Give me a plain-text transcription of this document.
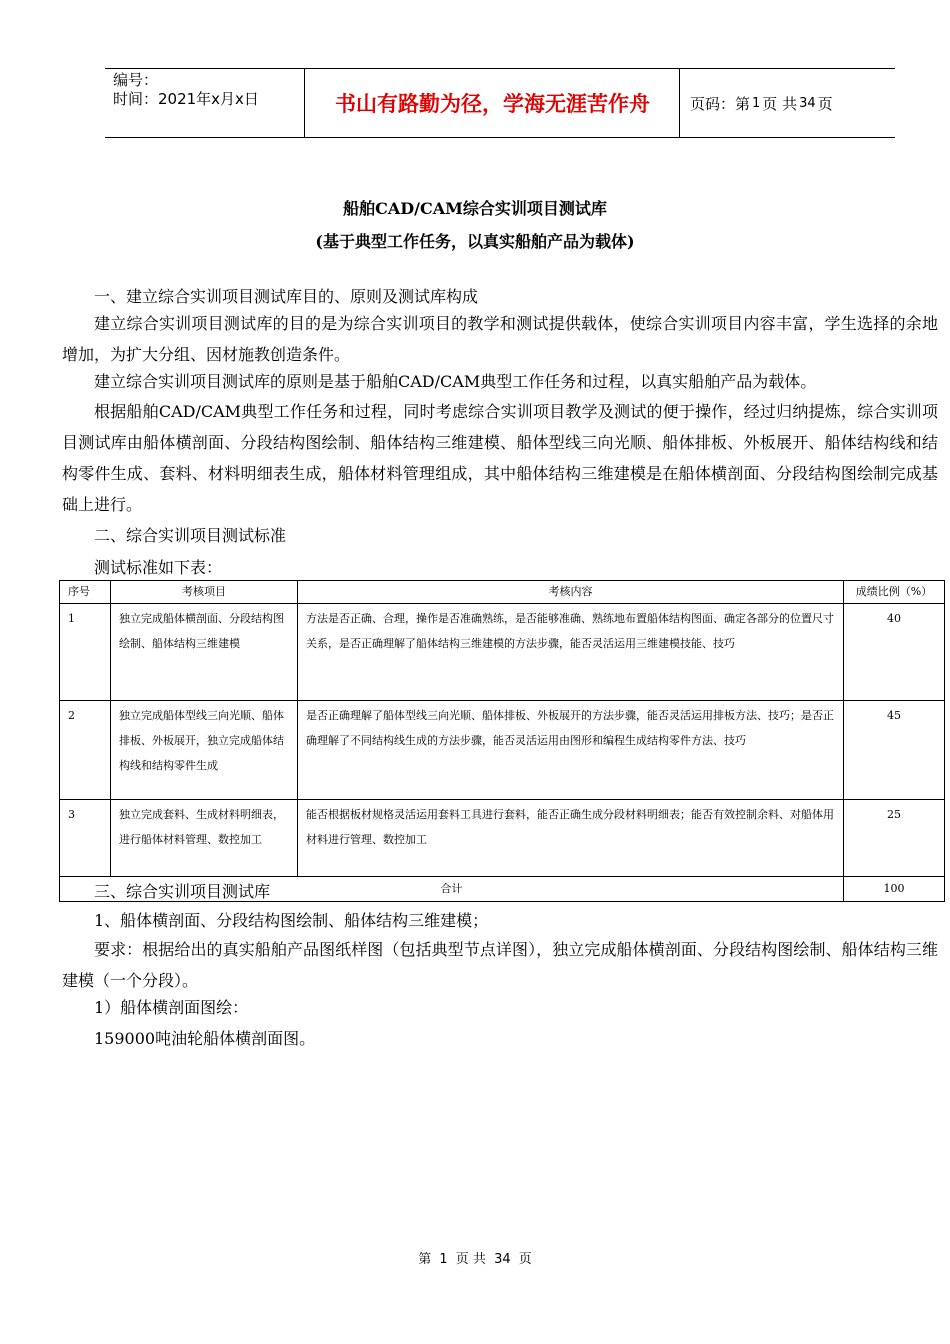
编号：
时间：2021年x月x日	书山有路勤为径，学海无涯苦作舟	页码：第 1 页 共 34 页
船舶CAD/CAM综合实训项目测试库
(基于典型工作任务，以真实船舶产品为载体)
一、建立综合实训项目测试库目的、原则及测试库构成
建立综合实训项目测试库的目的是为综合实训项目的教学和测试提供载体，使综合实训项目内容丰富，学生选择的余地增加，为扩大分组、因材施教创造条件。
建立综合实训项目测试库的原则是基于船舶CAD/CAM典型工作任务和过程，以真实船舶产品为载体。
根据船舶CAD/CAM典型工作任务和过程，同时考虑综合实训项目教学及测试的便于操作，经过归纳提炼，综合实训项目测试库由船体横剖面、分段结构图绘制、船体结构三维建模、船体型线三向光顺、船体排板、外板展开、船体结构线和结构零件生成、套料、材料明细表生成，船体材料管理组成，其中船体结构三维建模是在船体横剖面、分段结构图绘制完成基础上进行。
二、综合实训项目测试标准
测试标准如下表：
序号	考核项目	考核内容	成绩比例（%）
1	独立完成船体横剖面、分段结构图绘制、船体结构三维建模	方法是否正确、合理，操作是否准确熟练，是否能够准确、熟练地布置船体结构图面、确定各部分的位置尺寸关系，是否正确理解了船体结构三维建模的方法步骤，能否灵活运用三维建模技能、技巧	40
2	独立完成船体型线三向光顺、船体排板、外板展开，独立完成船体结构线和结构零件生成	是否正确理解了船体型线三向光顺、船体排板、外板展开的方法步骤，能否灵活运用排板方法、技巧；是否正确理解了不同结构线生成的方法步骤，能否灵活运用由图形和编程生成结构零件方法、技巧	45
3	独立完成套料、生成材料明细表，进行船体材料管理、数控加工	能否根据板材规格灵活运用套料工具进行套料，能否正确生成分段材料明细表；能否有效控制余料、对船体用材料进行管理、数控加工	25
合计			100
三、综合实训项目测试库
1、船体横剖面、分段结构图绘制、船体结构三维建模；
要求：根据给出的真实船舶产品图纸样图（包括典型节点详图），独立完成船体横剖面、分段结构图绘制、船体结构三维建模（一个分段）。
1）船体横剖面图绘：
159000吨油轮船体横剖面图。
第 1 页 共 34 页
